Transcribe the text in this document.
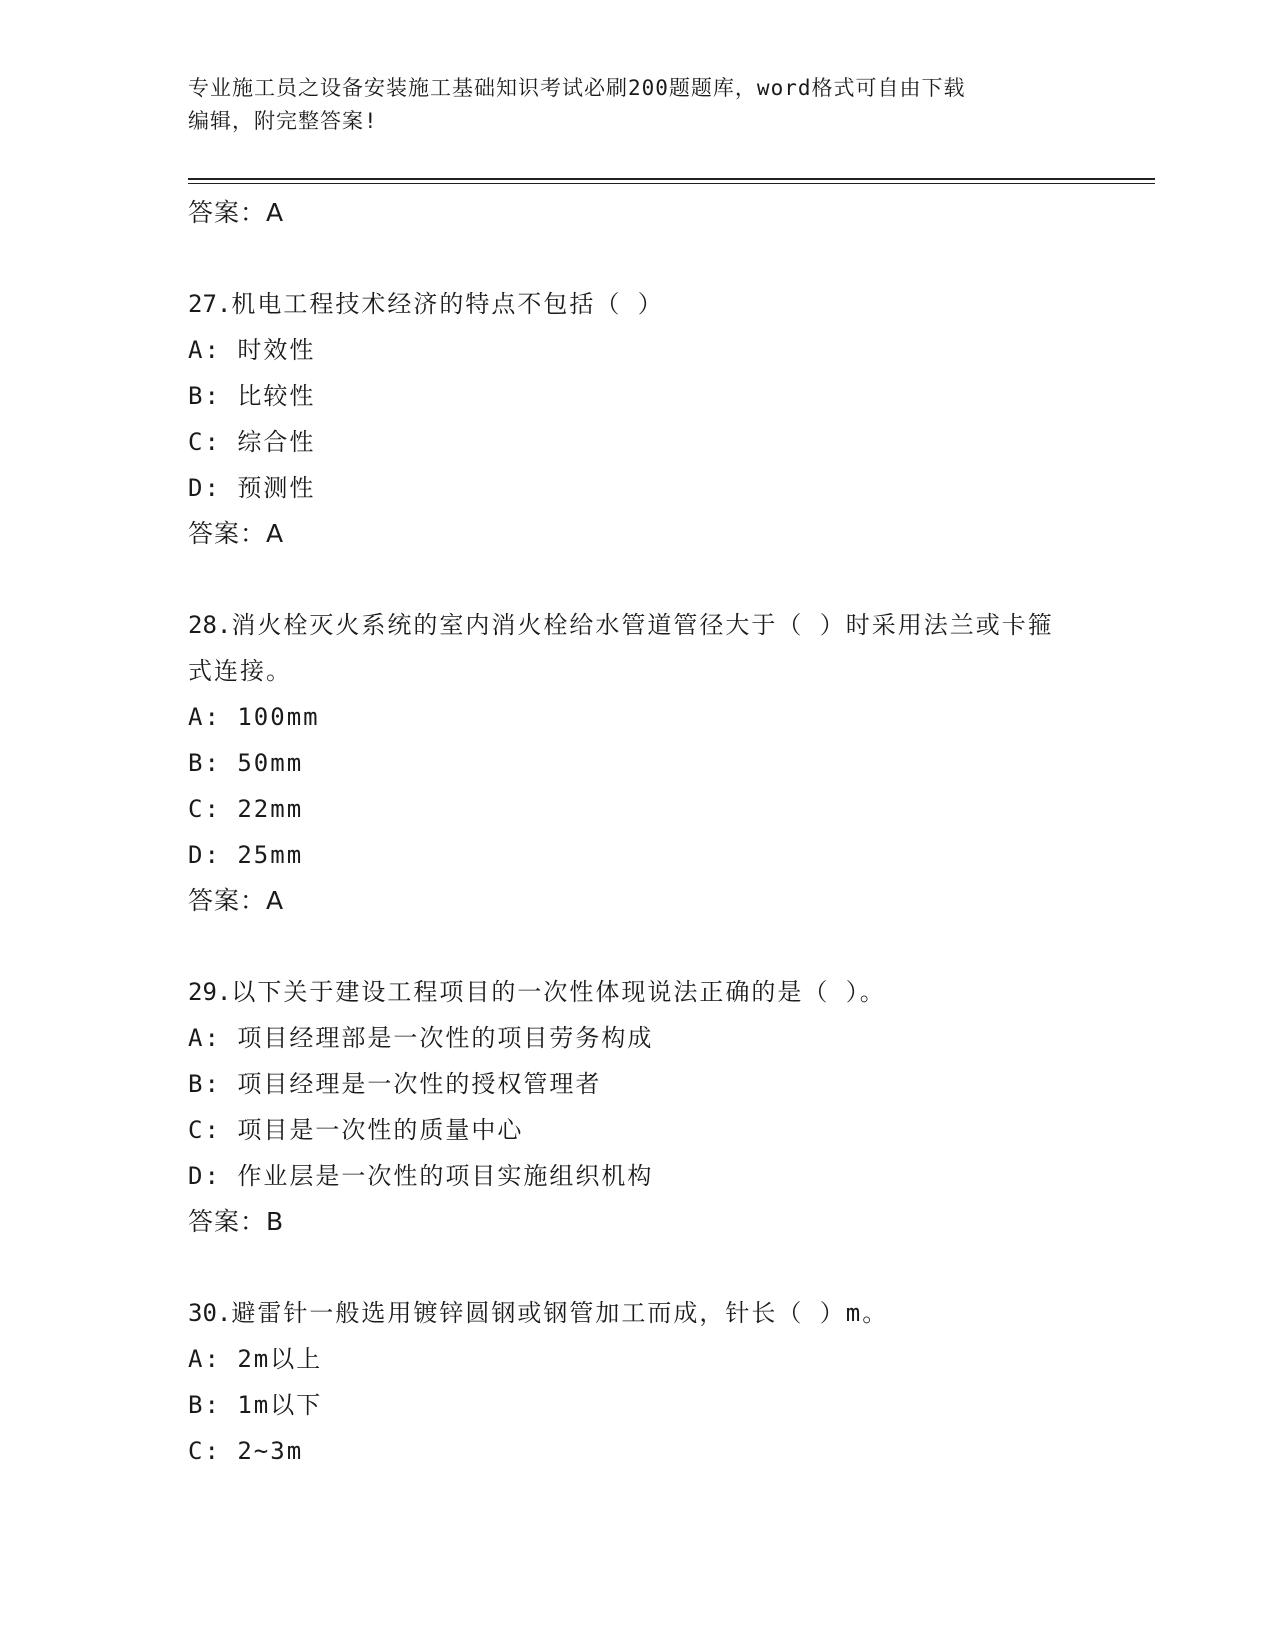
专业施工员之设备安装施工基础知识考试必刷200题题库，word格式可自由下载
编辑，附完整答案!
答案：A
27.机电工程技术经济的特点不包括（ ）
A: 时效性
B: 比较性
C: 综合性
D: 预测性
答案：A
28.消火栓灭火系统的室内消火栓给水管道管径大于（ ）时采用法兰或卡箍式连接。
A: 100mm
B: 50mm
C: 22mm
D: 25mm
答案：A
29.以下关于建设工程项目的一次性体现说法正确的是（ ）。
A: 项目经理部是一次性的项目劳务构成
B: 项目经理是一次性的授权管理者
C: 项目是一次性的质量中心
D: 作业层是一次性的项目实施组织机构
答案：B
30.避雷针一般选用镀锌圆钢或钢管加工而成，针长（ ）m。
A: 2m以上
B: 1m以下
C: 2~3m
